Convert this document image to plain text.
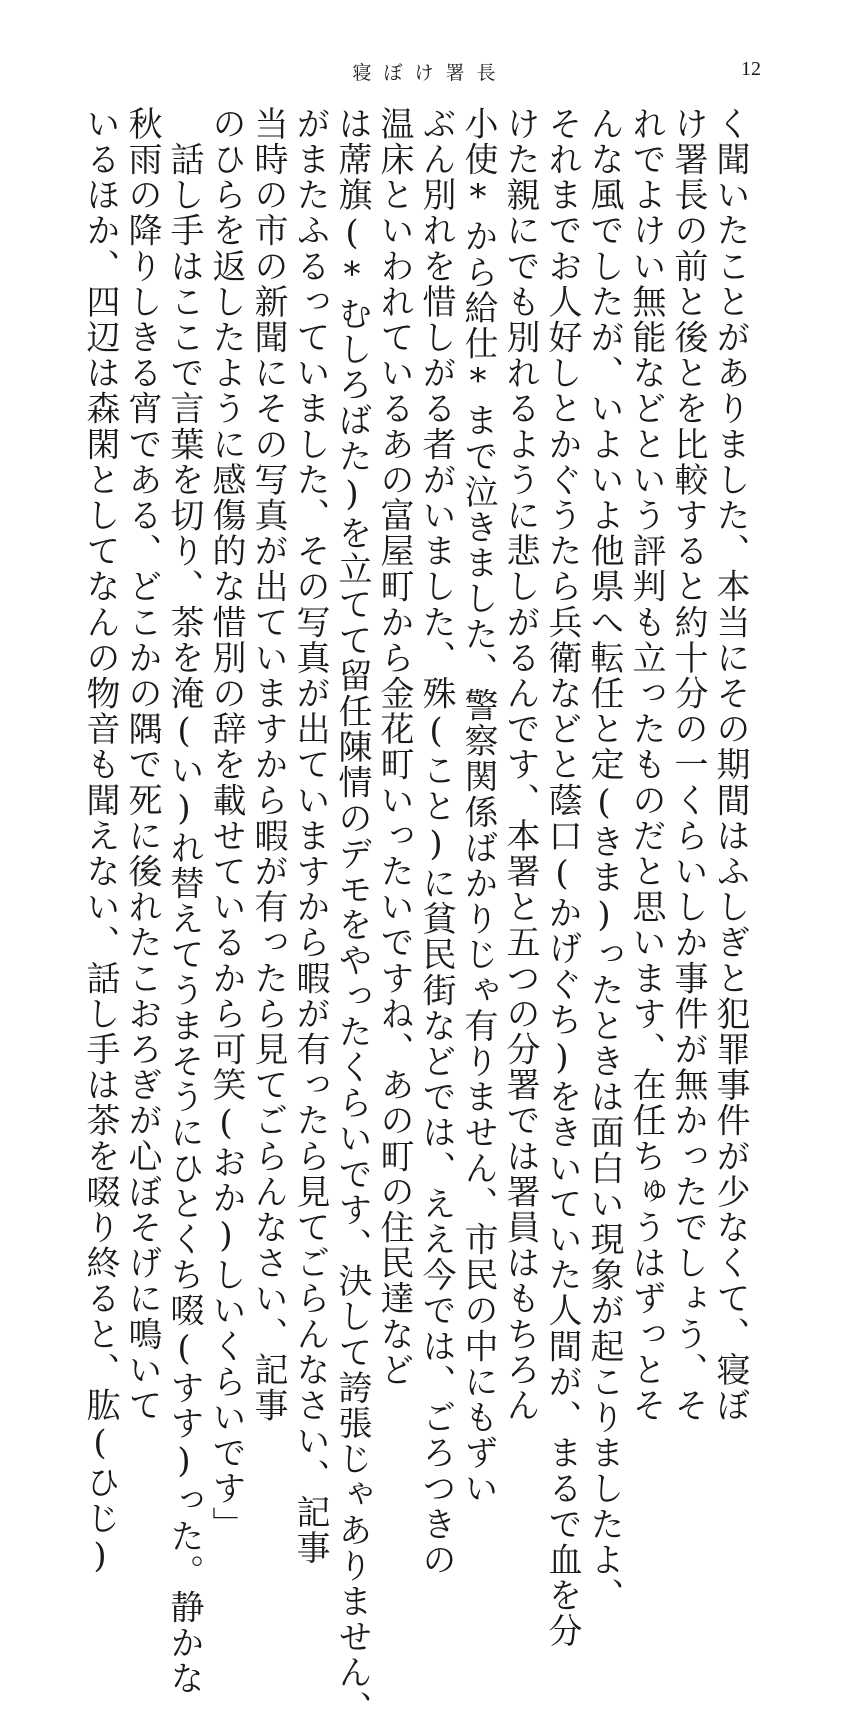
寝ぼけ署長	12

く聞いたことがありました、本当にその期間はふしぎと犯罪事件が少なくて、寝ぼ

け署長の前と後とを比較すると約十分の一くらいしか事件が無かったでしょう、そ

れでよけい無能などという評判も立ったものだと思います、在任ちゅうはずっとそ

んな風でしたが、いよいよ他県へ転任と定(きま)ったときは面白い現象が起こりましたよ、

それまでお人好しとかぐうたら兵衛などと蔭口(かげぐち)をきいていた人間が、まるで血を分

けた親にでも別れるように悲しがるんです、本署と五つの分署では署員はもちろん

小使*から給仕*まで泣きました、警察関係ばかりじゃ有りません、市民の中にもずい

ぶん別れを惜しがる者がいました、殊(こと)に貧民街などでは、ええ今では、ごろつきの

温床といわれているあの富屋町から金花町いったいですね、あの町の住民達など

は蓆旗(*むしろばた)を立てて留任陳情のデモをやったくらいです、決して誇張じゃありません、

がまたふるっていました、その写真が出ていますから暇が有ったら見てごらんなさい、記事

当時の市の新聞にその写真が出ていますから暇が有ったら見てごらんなさい、記事

のひらを返したように感傷的な惜別の辞を載せているから可笑(おか)しいくらいです」

　話し手はここで言葉を切り、茶を淹(い)れ替えてうまそうにひとくち啜(すす)った。静かな

秋雨の降りしきる宵である、どこかの隅で死に後れたこおろぎが心ぼそげに鳴いて

いるほか、四辺は森閑としてなんの物音も聞えない、話し手は茶を啜り終ると、肱(ひじ)
